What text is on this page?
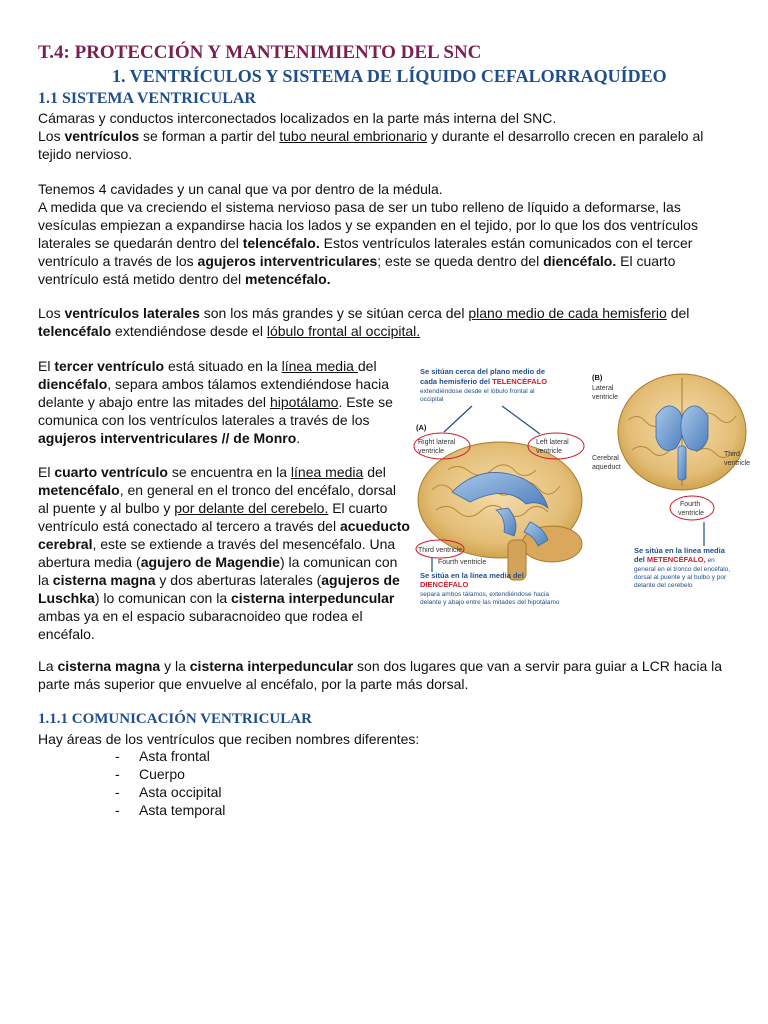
T.4: PROTECCIÓN Y MANTENIMIENTO DEL SNC
1. VENTRÍCULOS Y SISTEMA DE LÍQUIDO CEFALORRAQUÍDEO
1.1 SISTEMA VENTRICULAR
Cámaras y conductos interconectados localizados en la parte más interna del SNC.
Los ventrículos se forman a partir del tubo neural embrionario y durante el desarrollo crecen en paralelo al tejido nervioso.
Tenemos 4 cavidades y un canal que va por dentro de la médula.
A medida que va creciendo el sistema nervioso pasa de ser un tubo relleno de líquido a deformarse, las vesículas empiezan a expandirse hacia los lados y se expanden en el tejido, por lo que los dos ventrículos laterales se quedarán dentro del telencéfalo. Estos ventrículos laterales están comunicados con el tercer ventrículo a través de los agujeros interventriculares; este se queda dentro del diencéfalo. El cuarto ventrículo está metido dentro del metencéfalo.
Los ventrículos laterales son los más grandes y se sitúan cerca del plano medio de cada hemisferio del telencéfalo extendiéndose desde el lóbulo frontal al occipital.
El tercer ventrículo está situado en la línea media del diencéfalo, separa ambos tálamos extendiéndose hacia delante y abajo entre las mitades del hipotálamo. Este se comunica con los ventrículos laterales a través de los agujeros interventriculares // de Monro.
El cuarto ventrículo se encuentra en la línea media del metencéfalo, en general en el tronco del encéfalo, dorsal al puente y al bulbo y por delante del cerebelo. El cuarto ventrículo está conectado al tercero a través del acueducto cerebral, este se extiende a través del mesencéfalo. Una abertura media (agujero de Magendie) la comunican con la cisterna magna y dos aberturas laterales (agujeros de Luschka) lo comunican con la cisterna interpeduncular ambas ya en el espacio subaracnoideo que rodea el encéfalo.
La cisterna magna y la cisterna interpeduncular son dos lugares que van a servir para guiar a LCR hacia la parte más superior que envuelve al encéfalo, por la parte más dorsal.
1.1.1 COMUNICACIÓN VENTRICULAR
Hay áreas de los ventrículos que reciben nombres diferentes:
- Asta frontal
- Cuerpo
- Asta occipital
- Asta temporal
Se sitúan cerca del plano medio de
cada hemisferio del TELENCÉFALO
extendiéndose desde el lóbulo frontal al
occipital
(A)
(B)
Right lateral
ventricle
Left lateral
ventricle
Lateral
ventricle
Cerebral
aqueduct
Third
ventricle
Fourth
ventricle
Third ventricle
Fourth ventricle
Se sitúa en la línea media del
DIENCÉFALO
separa ambos tálamos, extendiéndose hacia
delante y abajo entre las mitades del hipotálamo
Se sitúa en la línea media
del METENCÉFALO, en
general en el tronco del encéfalo,
dorsal al puente y al bulbo y por
delante del cerebelo
